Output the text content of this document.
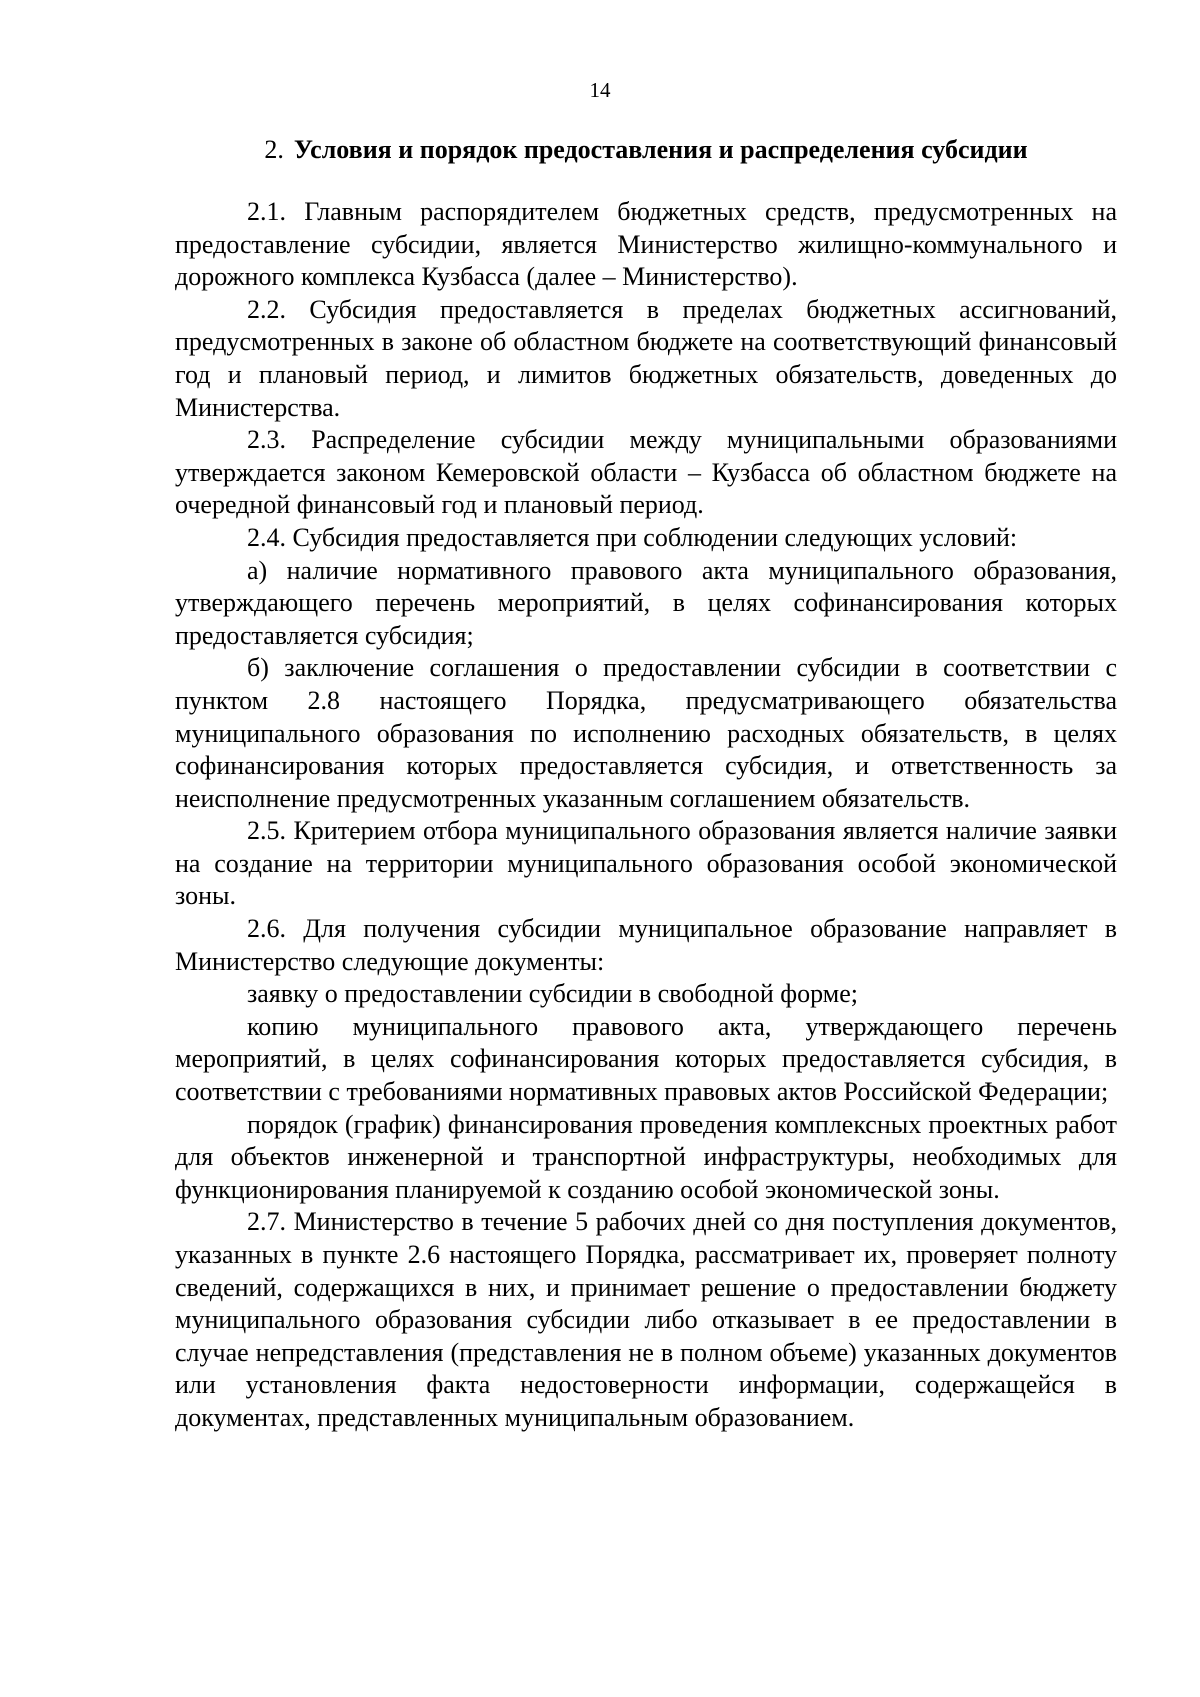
14
2. Условия и порядок предоставления и распределения субсидии

2.1. Главным распорядителем бюджетных средств, предусмотренных на предоставление субсидии, является Министерство жилищно-коммунального и дорожного комплекса Кузбасса (далее – Министерство).

2.2. Субсидия предоставляется в пределах бюджетных ассигнований, предусмотренных в законе об областном бюджете на соответствующий финансовый год и плановый период, и лимитов бюджетных обязательств, доведенных до Министерства.

2.3. Распределение субсидии между муниципальными образованиями утверждается законом Кемеровской области – Кузбасса об областном бюджете на очередной финансовый год и плановый период.

2.4. Субсидия предоставляется при соблюдении следующих условий:

а) наличие нормативного правового акта муниципального образования, утверждающего перечень мероприятий, в целях софинансирования которых предоставляется субсидия;

б) заключение соглашения о предоставлении субсидии в соответствии с пунктом 2.8 настоящего Порядка, предусматривающего обязательства муниципального образования по исполнению расходных обязательств, в целях софинансирования которых предоставляется субсидия, и ответственность за неисполнение предусмотренных указанным соглашением обязательств.

2.5. Критерием отбора муниципального образования является наличие заявки на создание на территории муниципального образования особой экономической зоны.

2.6. Для получения субсидии муниципальное образование направляет в Министерство следующие документы:

заявку о предоставлении субсидии в свободной форме;

копию муниципального правового акта, утверждающего перечень мероприятий, в целях софинансирования которых предоставляется субсидия, в соответствии с требованиями нормативных правовых актов Российской Федерации;

порядок (график) финансирования проведения комплексных проектных работ для объектов инженерной и транспортной инфраструктуры, необходимых для функционирования планируемой к созданию особой экономической зоны.

2.7. Министерство в течение 5 рабочих дней со дня поступления документов, указанных в пункте 2.6 настоящего Порядка, рассматривает их, проверяет полноту сведений, содержащихся в них, и принимает решение о предоставлении бюджету муниципального образования субсидии либо отказывает в ее предоставлении в случае непредставления (представления не в полном объеме) указанных документов или установления факта недостоверности информации, содержащейся в документах, представленных муниципальным образованием.
